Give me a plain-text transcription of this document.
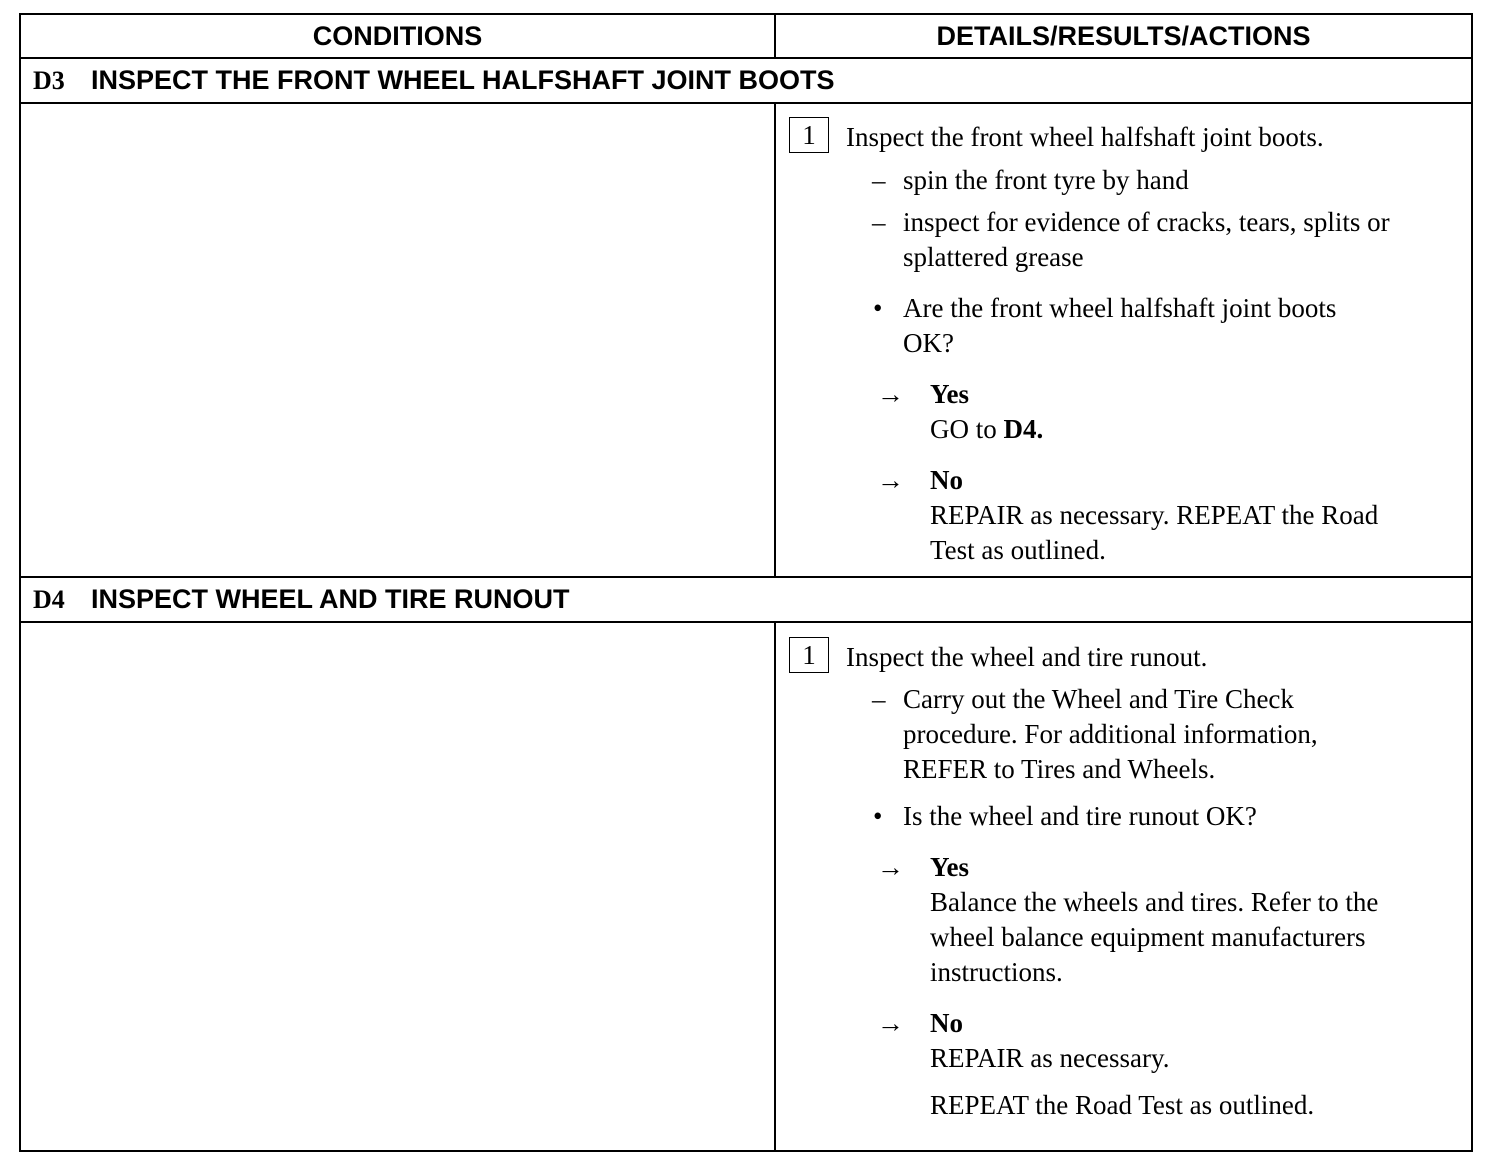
CONDITIONS	DETAILS/RESULTS/ACTIONS
D3 INSPECT THE FRONT WHEEL HALFSHAFT JOINT BOOTS
1	Inspect the front wheel halfshaft joint boots.
– spin the front tyre by hand
– inspect for evidence of cracks, tears, splits or
splattered grease
• Are the front wheel halfshaft joint boots
OK?
→ Yes
GO to D4.
→ No
REPAIR as necessary. REPEAT the Road
Test as outlined.
D4 INSPECT WHEEL AND TIRE RUNOUT
1	Inspect the wheel and tire runout.
– Carry out the Wheel and Tire Check
procedure. For additional information,
REFER to Tires and Wheels.
• Is the wheel and tire runout OK?
→ Yes
Balance the wheels and tires. Refer to the
wheel balance equipment manufacturers
instructions.
→ No
REPAIR as necessary.
REPEAT the Road Test as outlined.
